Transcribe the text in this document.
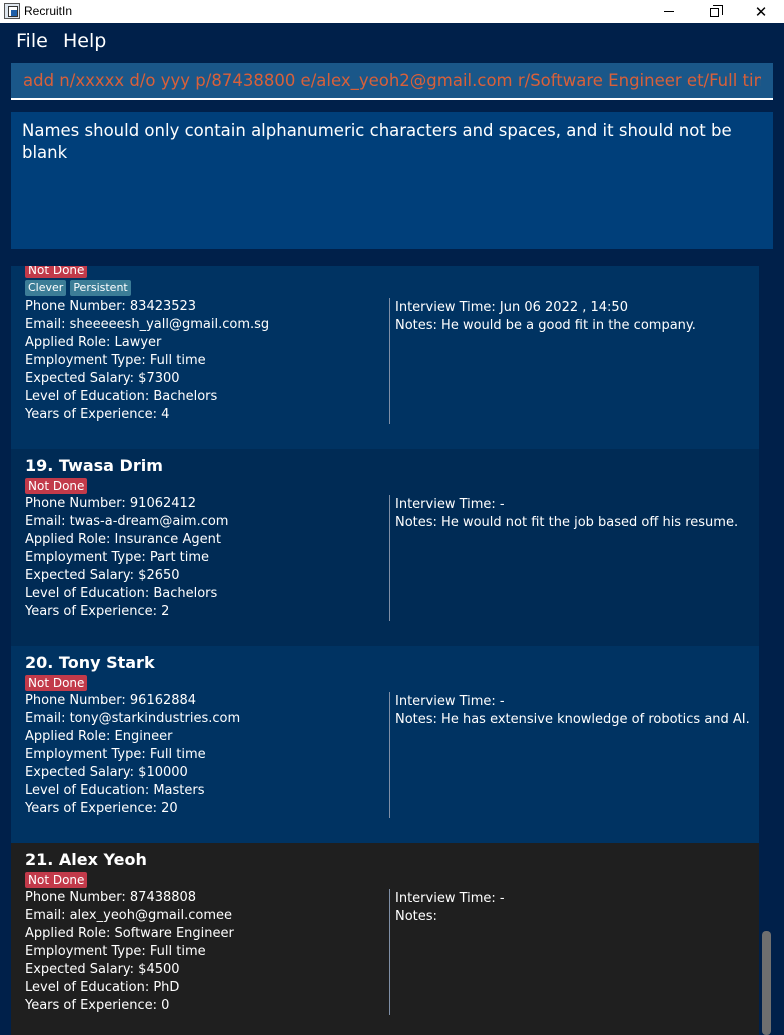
RecruitIn	✕
File Help
add n/xxxxx d/o yyy p/87438800 e/alex_yeoh2@gmail.com r/Software Engineer et/Full time s/45
Names should only contain alphanumeric characters and spaces, and it should not be blank
Not Done
Clever Persistent
Phone Number: 83423523
Email: sheeeeesh_yall@gmail.com.sg
Applied Role: Lawyer
Employment Type: Full time
Expected Salary: $7300
Level of Education: Bachelors
Years of Experience: 4
Interview Time: Jun 06 2022 , 14:50
Notes: He would be a good fit in the company.
19. Twasa Drim
Not Done
Phone Number: 91062412
Email: twas-a-dream@aim.com
Applied Role: Insurance Agent
Employment Type: Part time
Expected Salary: $2650
Level of Education: Bachelors
Years of Experience: 2
Interview Time: -
Notes: He would not fit the job based off his resume.
20. Tony Stark
Not Done
Phone Number: 96162884
Email: tony@starkindustries.com
Applied Role: Engineer
Employment Type: Full time
Expected Salary: $10000
Level of Education: Masters
Years of Experience: 20
Interview Time: -
Notes: He has extensive knowledge of robotics and AI.
21. Alex Yeoh
Not Done
Phone Number: 87438808
Email: alex_yeoh@gmail.comee
Applied Role: Software Engineer
Employment Type: Full time
Expected Salary: $4500
Level of Education: PhD
Years of Experience: 0
Interview Time: -
Notes:
